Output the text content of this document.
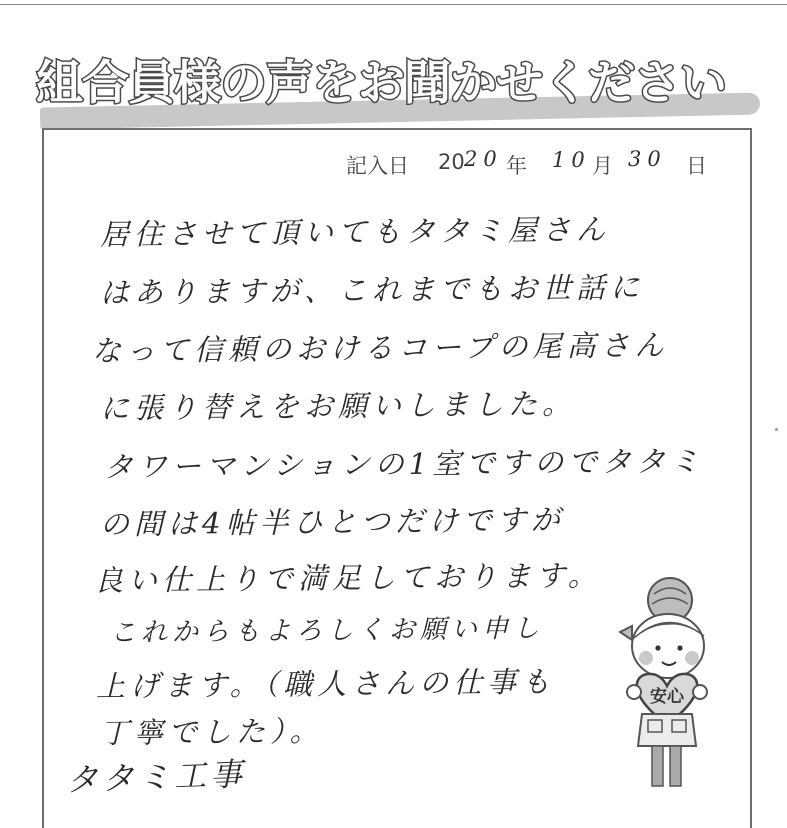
組合員様の声をお聞かせください
記入日 20 20 年 10 月 30 日
居住させて頂いてもタタミ屋さん
はありますが、これまでもお世話に
なって信頼のおけるコープの尾高さん
に張り替えをお願いしました。
タワーマンションの1室ですのでタタミ
の間は4帖半ひとつだけですが
良い仕上りで満足しております。
これからもよろしくお願い申し
上げます。（職人さんの仕事も
丁寧でした）。
タタミ工事
安心
